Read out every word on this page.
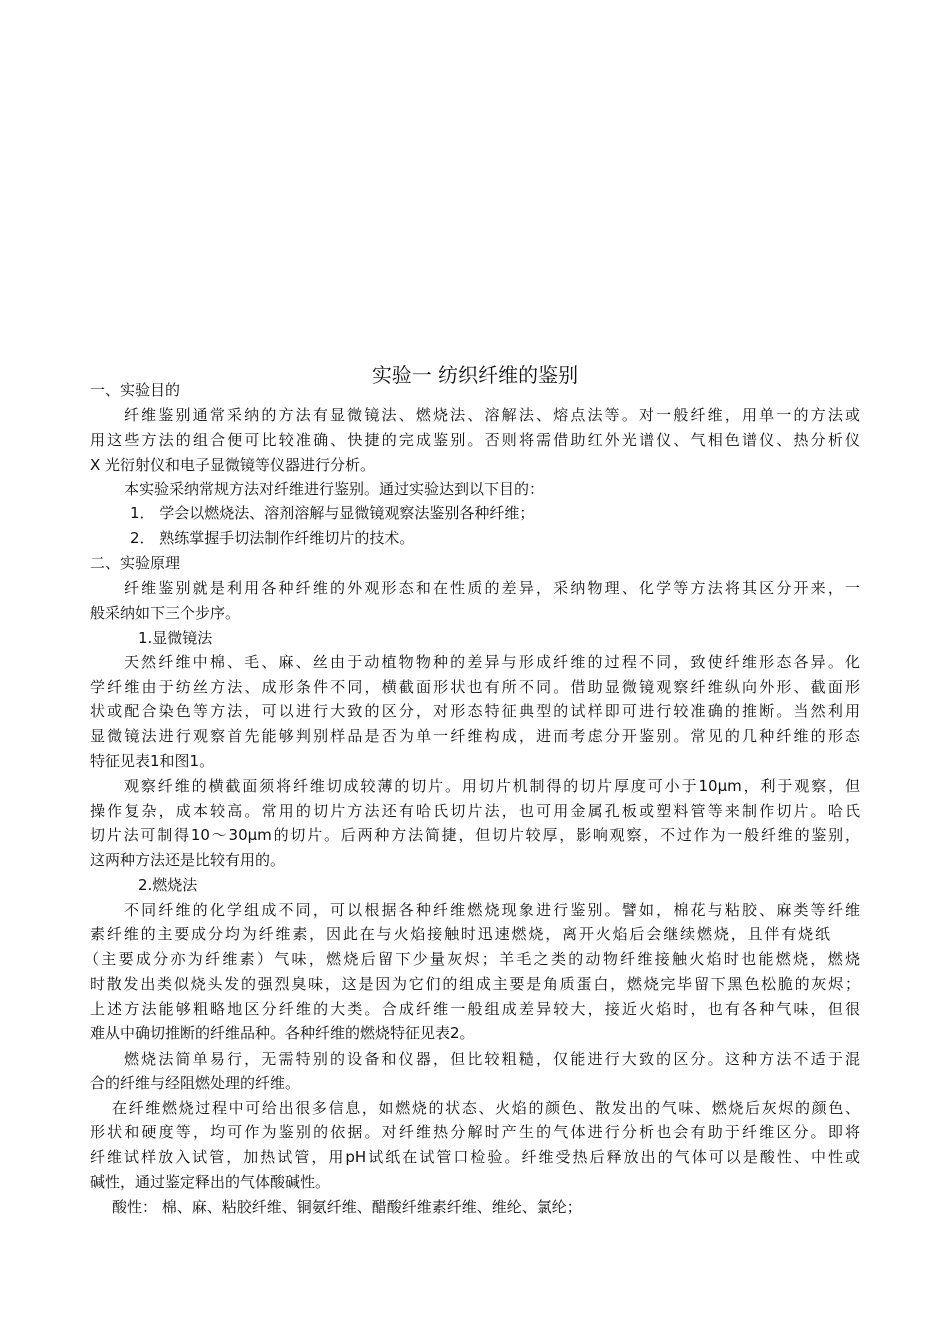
实验一 纺织纤维的鉴别
一、实验目的
纤维鉴别通常采纳的方法有显微镜法、燃烧法、溶解法、熔点法等。对一般纤维，用单一的方法或
用这些方法的组合便可比较准确、快捷的完成鉴别。否则将需借助红外光谱仪、气相色谱仪、热分析仪
X 光衍射仪和电子显微镜等仪器进行分析。
本实验采纳常规方法对纤维进行鉴别。通过实验达到以下目的：
1． 学会以燃烧法、溶剂溶解与显微镜观察法鉴别各种纤维；
2． 熟练掌握手切法制作纤维切片的技术。
二、实验原理
纤维鉴别就是利用各种纤维的外观形态和在性质的差异，采纳物理、化学等方法将其区分开来，一
般采纳如下三个步序。
1.显微镜法
天然纤维中棉、毛、麻、丝由于动植物物种的差异与形成纤维的过程不同，致使纤维形态各异。化
学纤维由于纺丝方法、成形条件不同，横截面形状也有所不同。借助显微镜观察纤维纵向外形、截面形
状或配合染色等方法，可以进行大致的区分，对形态特征典型的试样即可进行较准确的推断。当然利用
显微镜法进行观察首先能够判别样品是否为单一纤维构成，进而考虑分开鉴别。常见的几种纤维的形态
特征见表1和图1。
观察纤维的横截面须将纤维切成较薄的切片。用切片机制得的切片厚度可小于10μm，利于观察，但
操作复杂，成本较高。常用的切片方法还有哈氏切片法，也可用金属孔板或塑料管等来制作切片。哈氏
切片法可制得10～30μm的切片。后两种方法简捷，但切片较厚，影响观察，不过作为一般纤维的鉴别，
这两种方法还是比较有用的。
2.燃烧法
不同纤维的化学组成不同，可以根据各种纤维燃烧现象进行鉴别。譬如，棉花与粘胶、麻类等纤维
素纤维的主要成分均为纤维素，因此在与火焰接触时迅速燃烧，离开火焰后会继续燃烧，且伴有烧纸
（主要成分亦为纤维素）气味，燃烧后留下少量灰烬；羊毛之类的动物纤维接触火焰时也能燃烧，燃烧
时散发出类似烧头发的强烈臭味，这是因为它们的组成主要是角质蛋白，燃烧完毕留下黑色松脆的灰烬；
上述方法能够粗略地区分纤维的大类。合成纤维一般组成差异较大，接近火焰时，也有各种气味，但很
难从中确切推断的纤维品种。各种纤维的燃烧特征见表2。
燃烧法简单易行，无需特别的设备和仪器，但比较粗糙，仅能进行大致的区分。这种方法不适于混
合的纤维与经阻燃处理的纤维。
在纤维燃烧过程中可给出很多信息，如燃烧的状态、火焰的颜色、散发出的气味、燃烧后灰烬的颜色、
形状和硬度等，均可作为鉴别的依据。对纤维热分解时产生的气体进行分析也会有助于纤维区分。即将
纤维试样放入试管，加热试管，用pH试纸在试管口检验。纤维受热后释放出的气体可以是酸性、中性或
碱性，通过鉴定释出的气体酸碱性。
酸性： 棉、麻、粘胶纤维、铜氨纤维、醋酸纤维素纤维、维纶、氯纶；
